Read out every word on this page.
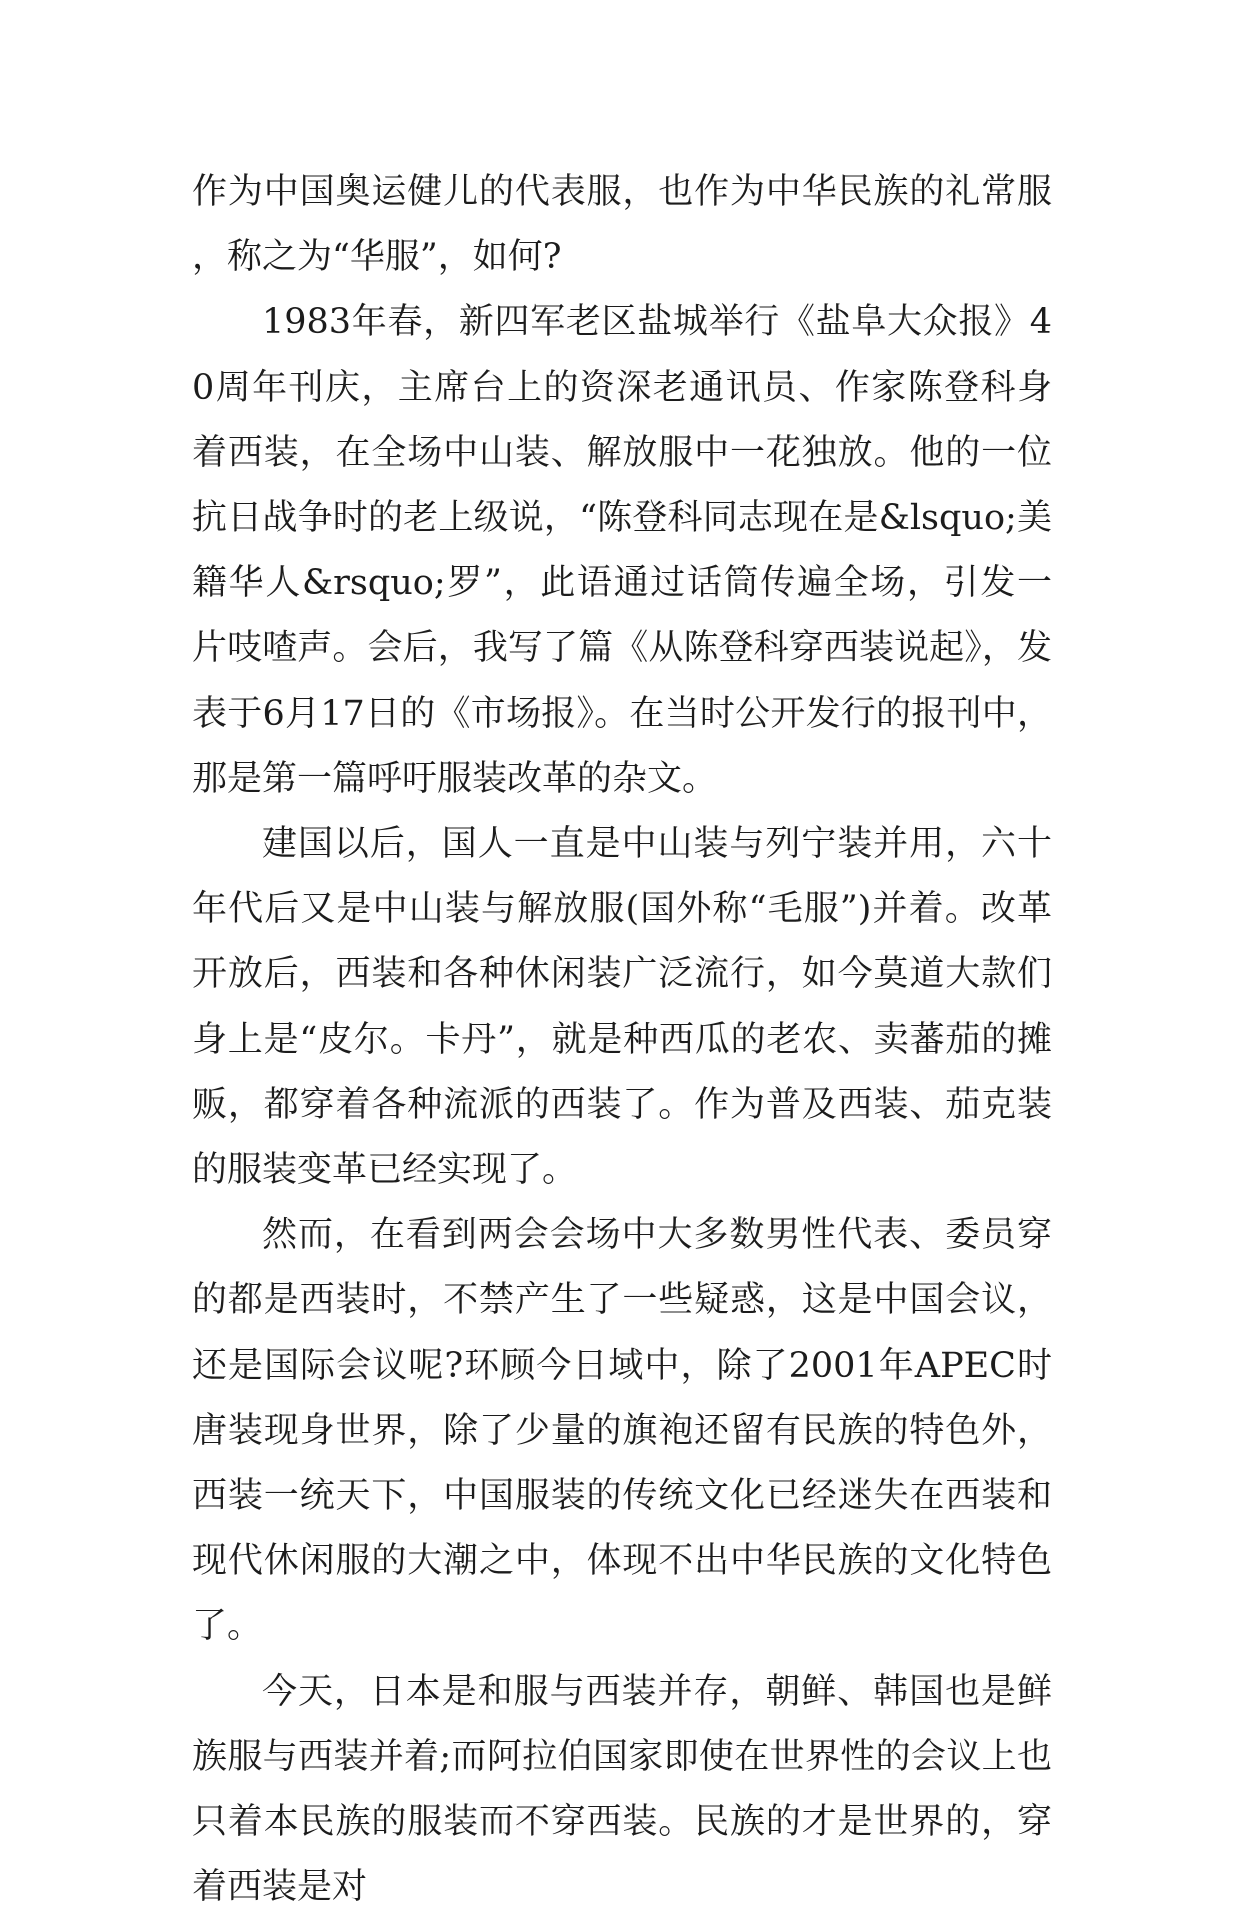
作为中国奥运健儿的代表服，也作为中华民族的礼常服，称之为“华服”，如何?

1983年春，新四军老区盐城举行《盐阜大众报》40周年刊庆，主席台上的资深老通讯员、作家陈登科身着西装，在全场中山装、解放服中一花独放。他的一位抗日战争时的老上级说，“陈登科同志现在是&lsquo;美籍华人&rsquo;罗”，此语通过话筒传遍全场，引发一片吱喳声。会后，我写了篇《从陈登科穿西装说起》，发表于6月17日的《市场报》。在当时公开发行的报刊中，那是第一篇呼吁服装改革的杂文。

建国以后，国人一直是中山装与列宁装并用，六十年代后又是中山装与解放服(国外称“毛服”)并着。改革开放后，西装和各种休闲装广泛流行，如今莫道大款们身上是“皮尔。卡丹”，就是种西瓜的老农、卖蕃茄的摊贩，都穿着各种流派的西装了。作为普及西装、茄克装的服装变革已经实现了。

然而，在看到两会会场中大多数男性代表、委员穿的都是西装时，不禁产生了一些疑惑，这是中国会议，还是国际会议呢?环顾今日域中，除了2001年APEC时唐装现身世界，除了少量的旗袍还留有民族的特色外，西装一统天下，中国服装的传统文化已经迷失在西装和现代休闲服的大潮之中，体现不出中华民族的文化特色了。

今天，日本是和服与西装并存，朝鲜、韩国也是鲜族服与西装并着;而阿拉伯国家即使在世界性的会议上也只着本民族的服装而不穿西装。民族的才是世界的，穿着西装是对
